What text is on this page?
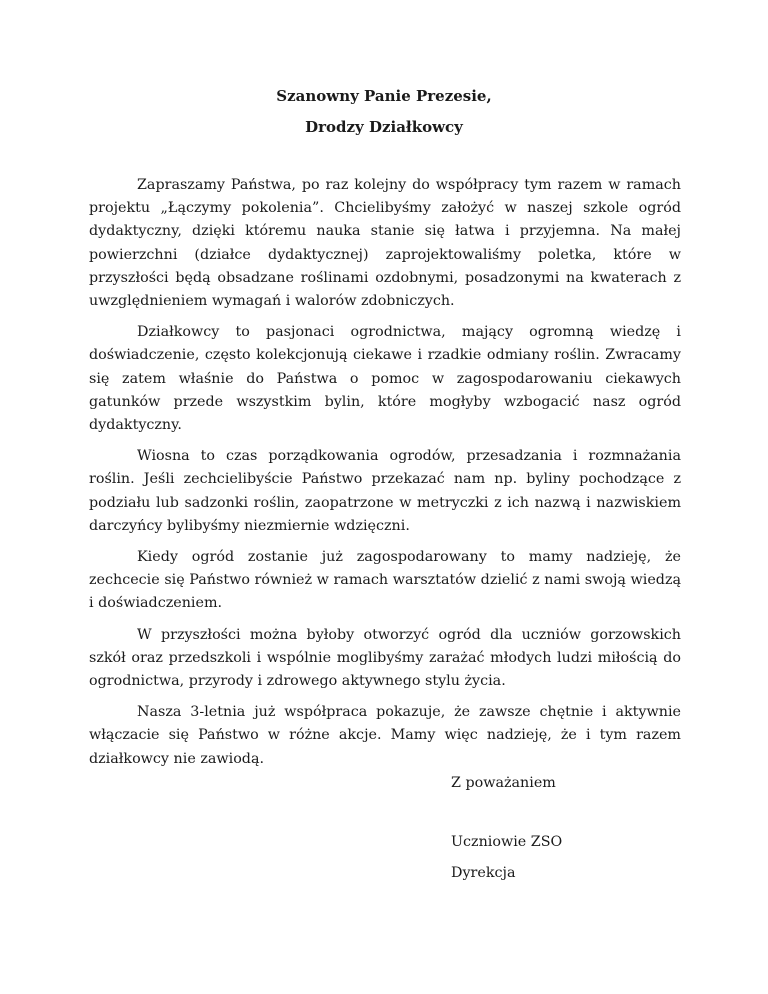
Szanowny Panie Prezesie,

Drodzy Działkowcy

Zapraszamy Państwa, po raz kolejny do współpracy tym razem w ramach projektu „Łączymy pokolenia”. Chcielibyśmy założyć w naszej szkole ogród dydaktyczny, dzięki któremu nauka stanie się łatwa i przyjemna. Na małej powierzchni (działce dydaktycznej) zaprojektowaliśmy poletka, które w przyszłości będą obsadzane roślinami ozdobnymi, posadzonymi na kwaterach z uwzględnieniem wymagań i walorów zdobniczych.

Działkowcy to pasjonaci ogrodnictwa, mający ogromną wiedzę i doświadczenie, często kolekcjonują ciekawe i rzadkie odmiany roślin. Zwracamy się zatem właśnie do Państwa o pomoc w zagospodarowaniu ciekawych gatunków przede wszystkim bylin, które mogłyby wzbogacić nasz ogród dydaktyczny.

Wiosna to czas porządkowania ogrodów, przesadzania i rozmnażania roślin. Jeśli zechcielibyście Państwo przekazać nam np. byliny pochodzące z podziału lub sadzonki roślin, zaopatrzone w metryczki z ich nazwą i nazwiskiem darczyńcy bylibyśmy niezmiernie wdzięczni.

Kiedy ogród zostanie już zagospodarowany to mamy nadzieję, że zechcecie się Państwo również w ramach warsztatów dzielić z nami swoją wiedzą i doświadczeniem.

W przyszłości można byłoby otworzyć ogród dla uczniów gorzowskich szkół oraz przedszkoli i wspólnie moglibyśmy zarażać młodych ludzi miłością do ogrodnictwa, przyrody i zdrowego aktywnego stylu życia.

Nasza 3-letnia już współpraca pokazuje, że zawsze chętnie i aktywnie włączacie się Państwo w różne akcje. Mamy więc nadzieję, że i tym razem działkowcy nie zawiodą.

Z poważaniem

Uczniowie ZSO

Dyrekcja
